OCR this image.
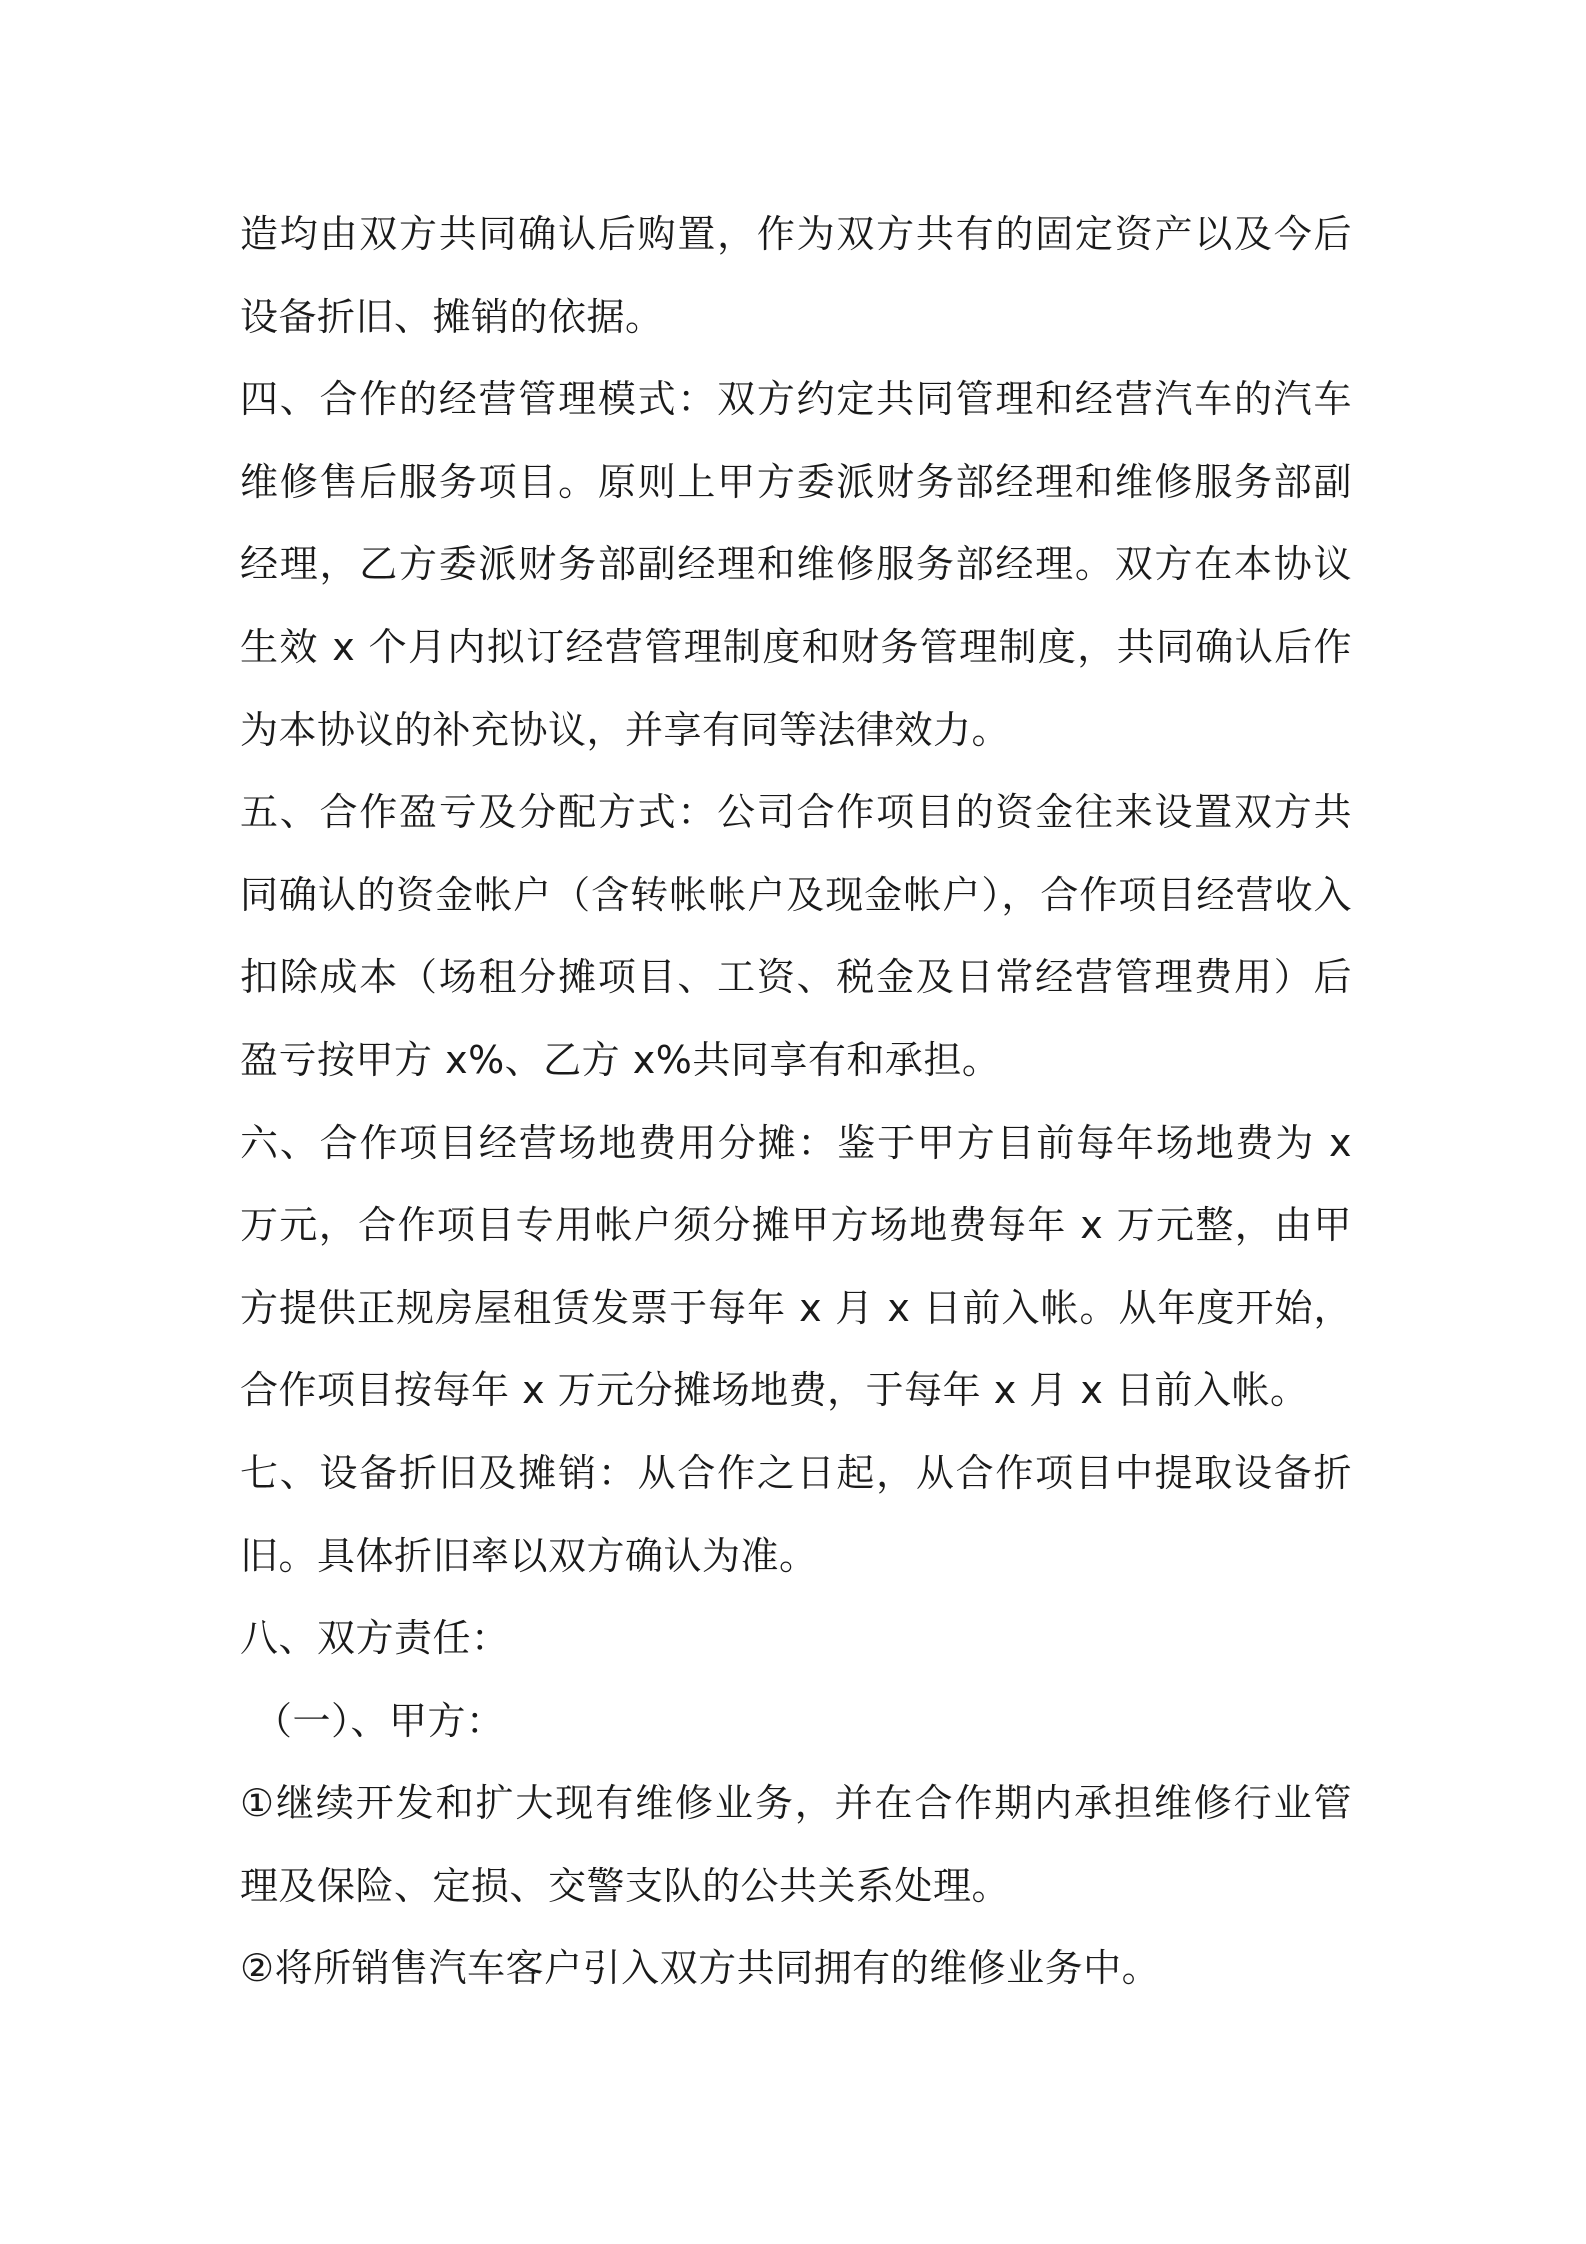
造均由双方共同确认后购置，作为双方共有的固定资产以及今后设备折旧、摊销的依据。

四、合作的经营管理模式：双方约定共同管理和经营汽车的汽车维修售后服务项目。原则上甲方委派财务部经理和维修服务部副经理，乙方委派财务部副经理和维修服务部经理。双方在本协议生效 x 个月内拟订经营管理制度和财务管理制度，共同确认后作为本协议的补充协议，并享有同等法律效力。

五、合作盈亏及分配方式：公司合作项目的资金往来设置双方共同确认的资金帐户（含转帐帐户及现金帐户），合作项目经营收入扣除成本（场租分摊项目、工资、税金及日常经营管理费用）后盈亏按甲方 x%、乙方 x%共同享有和承担。

六、合作项目经营场地费用分摊：鉴于甲方目前每年场地费为 x 万元，合作项目专用帐户须分摊甲方场地费每年 x 万元整，由甲方提供正规房屋租赁发票于每年 x 月 x 日前入帐。从年度开始，合作项目按每年 x 万元分摊场地费，于每年 x 月 x 日前入帐。

七、设备折旧及摊销：从合作之日起，从合作项目中提取设备折旧。具体折旧率以双方确认为准。

八、双方责任：

（一）、甲方：

①继续开发和扩大现有维修业务，并在合作期内承担维修行业管理及保险、定损、交警支队的公共关系处理。

②将所销售汽车客户引入双方共同拥有的维修业务中。
